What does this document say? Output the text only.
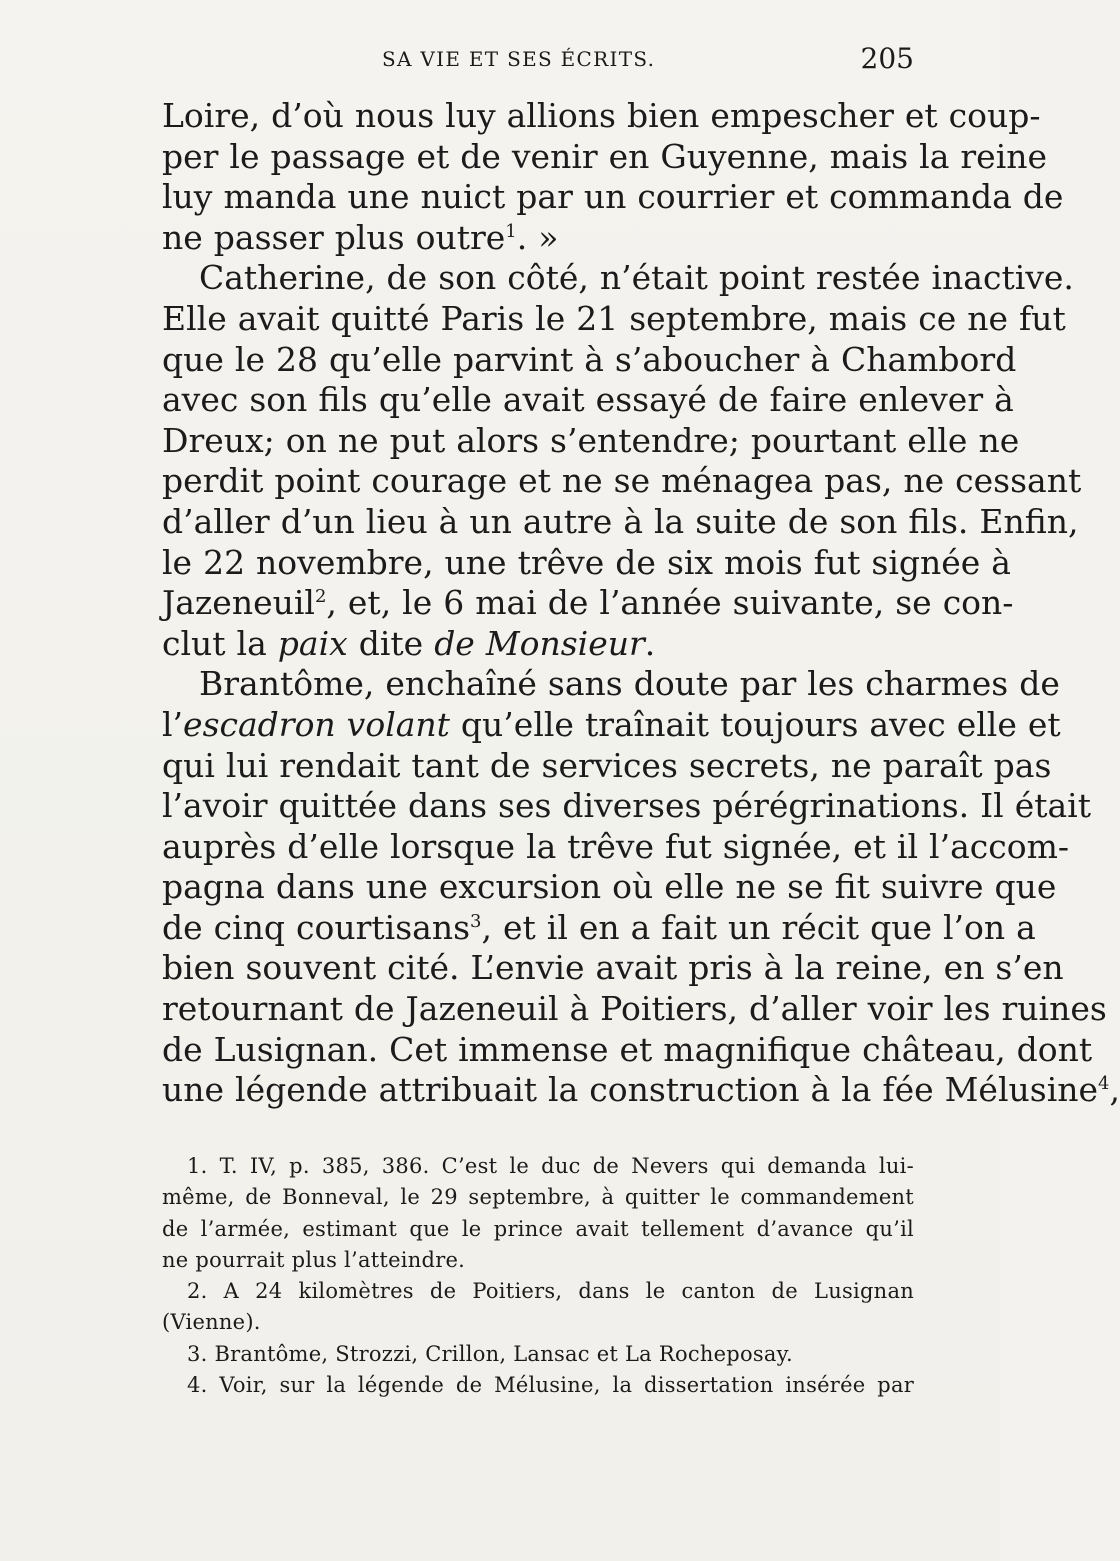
SA VIE ET SES ÉCRITS.	205
Loire, d’où nous luy allions bien empescher et coup-
per le passage et de venir en Guyenne, mais la reine
luy manda une nuict par un courrier et commanda de
ne passer plus outre$^1$. »
Catherine, de son côté, n’était point restée inactive.
Elle avait quitté Paris le 21 septembre, mais ce ne fut
que le 28 qu’elle parvint à s’aboucher à Chambord
avec son fils qu’elle avait essayé de faire enlever à
Dreux; on ne put alors s’entendre; pourtant elle ne
perdit point courage et ne se ménagea pas, ne cessant
d’aller d’un lieu à un autre à la suite de son fils. Enfin,
le 22 novembre, une trêve de six mois fut signée à
Jazeneuil$^2$, et, le 6 mai de l’année suivante, se con-
clut la paix dite de Monsieur.
Brantôme, enchaîné sans doute par les charmes de
l’escadron volant qu’elle traînait toujours avec elle et
qui lui rendait tant de services secrets, ne paraît pas
l’avoir quittée dans ses diverses pérégrinations. Il était
auprès d’elle lorsque la trêve fut signée, et il l’accom-
pagna dans une excursion où elle ne se fit suivre que
de cinq courtisans$^3$, et il en a fait un récit que l’on a
bien souvent cité. L’envie avait pris à la reine, en s’en
retournant de Jazeneuil à Poitiers, d’aller voir les ruines
de Lusignan. Cet immense et magnifique château, dont
une légende attribuait la construction à la fée Mélusine$^4$,
1. T. IV, p. 385, 386. C’est le duc de Nevers qui demanda lui-
même, de Bonneval, le 29 septembre, à quitter le commandement
de l’armée, estimant que le prince avait tellement d’avance qu’il
ne pourrait plus l’atteindre.
2. A 24 kilomètres de Poitiers, dans le canton de Lusignan
(Vienne).
3. Brantôme, Strozzi, Crillon, Lansac et La Rocheposay.
4. Voir, sur la légende de Mélusine, la dissertation insérée par
